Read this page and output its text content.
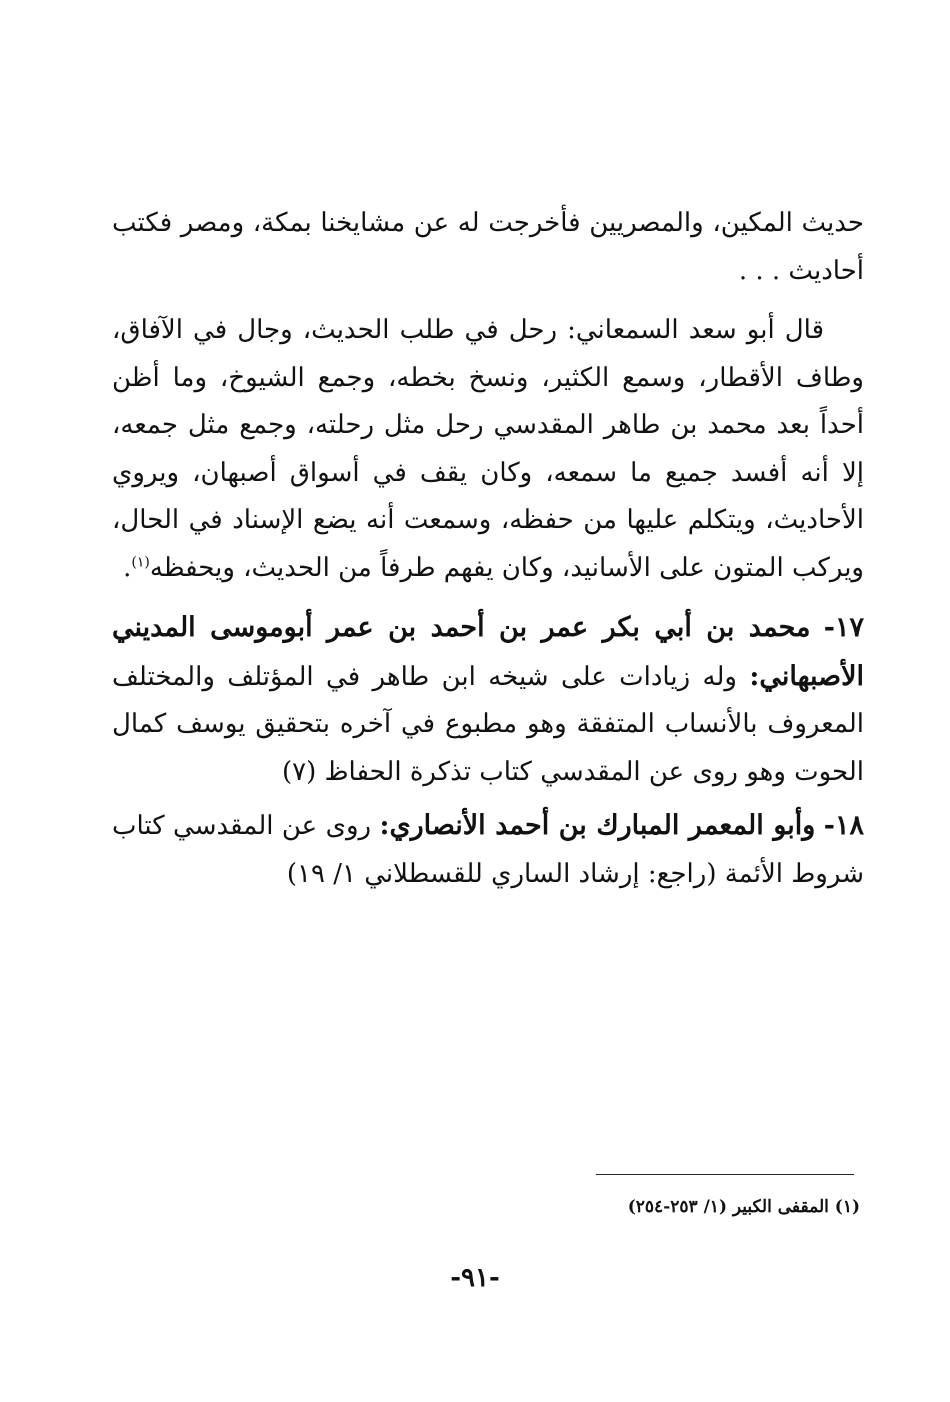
حديث المكين، والمصريين فأخرجت له عن مشايخنا بمكة، ومصر فكتب أحاديث . . .

قال أبو سعد السمعاني: رحل في طلب الحديث، وجال في الآفاق، وطاف الأقطار، وسمع الكثير، ونسخ بخطه، وجمع الشيوخ، وما أظن أحداً بعد محمد بن طاهر المقدسي رحل مثل رحلته، وجمع مثل جمعه، إلا أنه أفسد جميع ما سمعه، وكان يقف في أسواق أصبهان، ويروي الأحاديث، ويتكلم عليها من حفظه، وسمعت أنه يضع الإسناد في الحال، ويركب المتون على الأسانيد، وكان يفهم طرفاً من الحديث، ويحفظه$^{(١)}$.

١٧- محمد بن أبي بكر عمر بن أحمد بن عمر أبوموسى المديني الأصبهاني: وله زيادات على شيخه ابن طاهر في المؤتلف والمختلف المعروف بالأنساب المتفقة وهو مطبوع في آخره بتحقيق يوسف كمال الحوت وهو روى عن المقدسي كتاب تذكرة الحفاظ (٧)

١٨- وأبو المعمر المبارك بن أحمد الأنصاري: روى عن المقدسي كتاب شروط الأئمة (راجع: إرشاد الساري للقسطلاني ١/ ١٩)

(١) المقفى الكبير (١/ ٢٥٣-٢٥٤)
-٩١-
